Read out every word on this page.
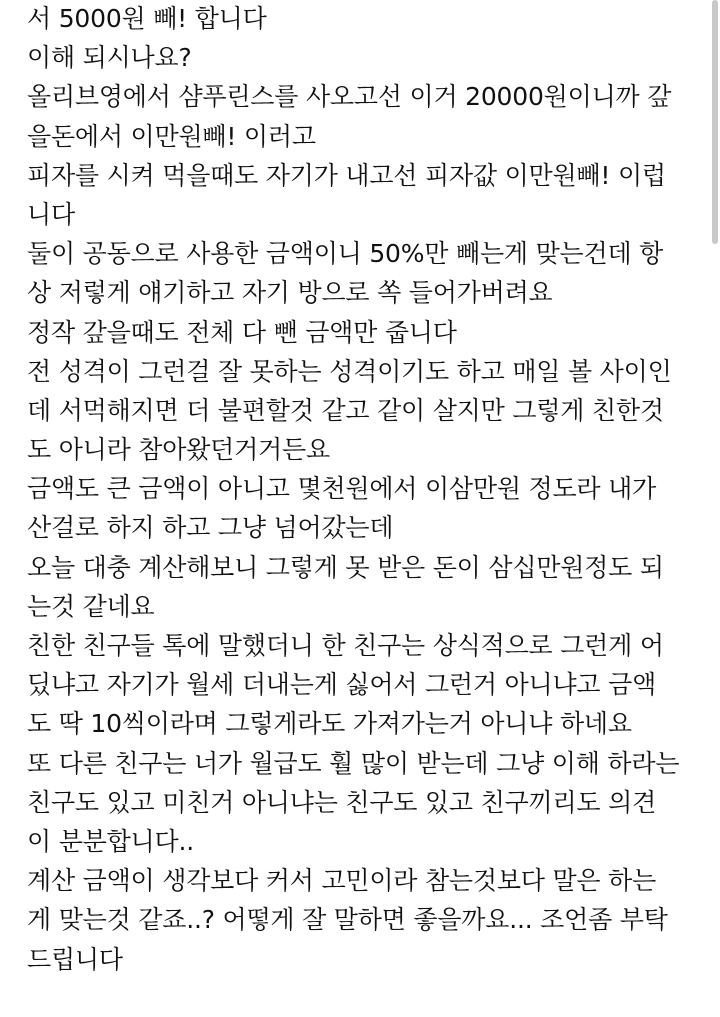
서 5000원 빼! 합니다
이해 되시나요?
올리브영에서 샴푸린스를 사오고선 이거 20000원이니까 갚
을돈에서 이만원빼! 이러고
피자를 시켜 먹을때도 자기가 내고선 피자값 이만원빼! 이럽
니다
둘이 공동으로 사용한 금액이니 50%만 빼는게 맞는건데 항
상 저렇게 얘기하고 자기 방으로 쏙 들어가버려요
정작 갚을때도 전체 다 뺀 금액만 줍니다
전 성격이 그런걸 잘 못하는 성격이기도 하고 매일 볼 사이인
데 서먹해지면 더 불편할것 같고 같이 살지만 그렇게 친한것
도 아니라 참아왔던거거든요
금액도 큰 금액이 아니고 몇천원에서 이삼만원 정도라 내가
산걸로 하지 하고 그냥 넘어갔는데
오늘 대충 계산해보니 그렇게 못 받은 돈이 삼십만원정도 되
는것 같네요
친한 친구들 톡에 말했더니 한 친구는 상식적으로 그런게 어
딨냐고 자기가 월세 더내는게 싫어서 그런거 아니냐고 금액
도 딱 10씩이라며 그렇게라도 가져가는거 아니냐 하네요
또 다른 친구는 너가 월급도 훨 많이 받는데 그냥 이해 하라는
친구도 있고 미친거 아니냐는 친구도 있고 친구끼리도 의견
이 분분합니다..
계산 금액이 생각보다 커서 고민이라 참는것보다 말은 하는
게 맞는것 같죠..? 어떻게 잘 말하면 좋을까요... 조언좀 부탁
드립니다
